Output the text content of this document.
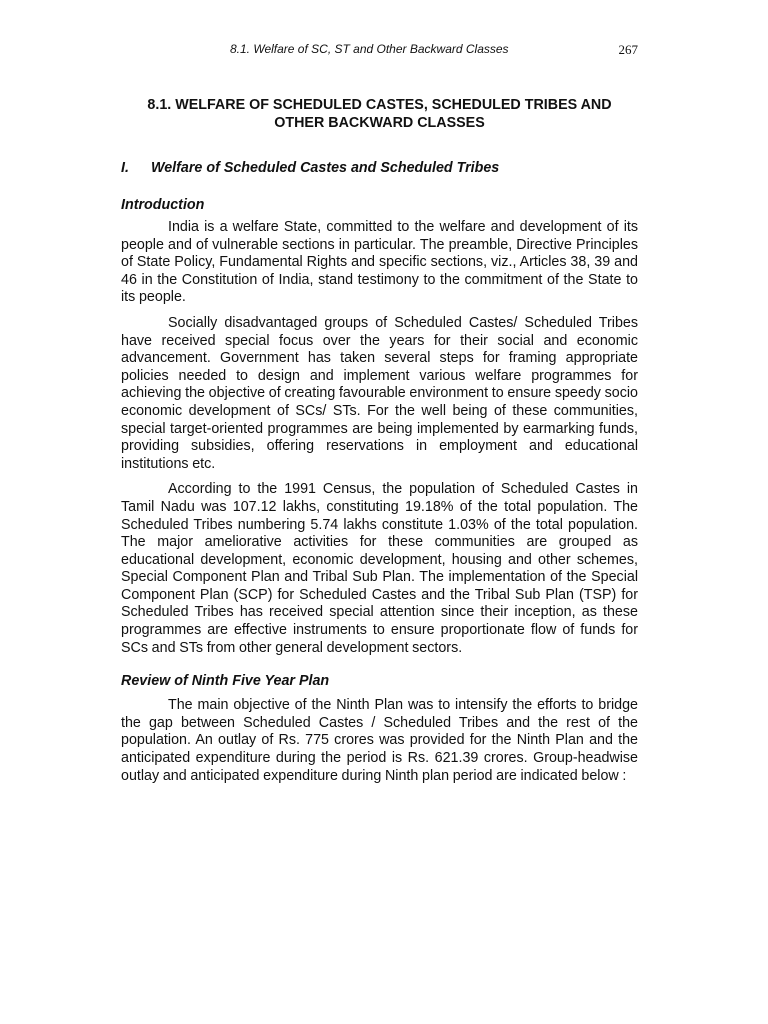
8.1. Welfare of SC, ST and Other Backward Classes	267
8.1. WELFARE OF SCHEDULED CASTES, SCHEDULED TRIBES AND
OTHER BACKWARD CLASSES
I.	Welfare of Scheduled Castes and Scheduled Tribes
Introduction

India is a welfare State, committed to the welfare and development of its people and of vulnerable sections in particular. The preamble, Directive Principles of State Policy, Fundamental Rights and specific sections, viz., Articles 38, 39 and 46 in the Constitution of India, stand testimony to the commitment of the State to its people.

Socially disadvantaged groups of Scheduled Castes/ Scheduled Tribes have received special focus over the years for their social and economic advancement. Government has taken several steps for framing appropriate policies needed to design and implement various welfare programmes for achieving the objective of creating favourable environment to ensure speedy socio economic development of SCs/ STs. For the well being of these communities, special target-oriented programmes are being implemented by earmarking funds, providing subsidies, offering reservations in employment and educational institutions etc.

According to the 1991 Census, the population of Scheduled Castes in Tamil Nadu was 107.12 lakhs, constituting 19.18% of the total population. The Scheduled Tribes numbering 5.74 lakhs constitute 1.03% of the total population. The major ameliorative activities for these communities are grouped as educational development, economic development, housing and other schemes, Special Component Plan and Tribal Sub Plan. The implementation of the Special Component Plan (SCP) for Scheduled Castes and the Tribal Sub Plan (TSP) for Scheduled Tribes has received special attention since their inception, as these programmes are effective instruments to ensure proportionate flow of funds for SCs and STs from other general development sectors.

Review of Ninth Five Year Plan

The main objective of the Ninth Plan was to intensify the efforts to bridge the gap between Scheduled Castes / Scheduled Tribes and the rest of the population. An outlay of Rs. 775 crores was provided for the Ninth Plan and the anticipated expenditure during the period is Rs. 621.39 crores. Group-headwise outlay and anticipated expenditure during Ninth plan period are indicated below :
